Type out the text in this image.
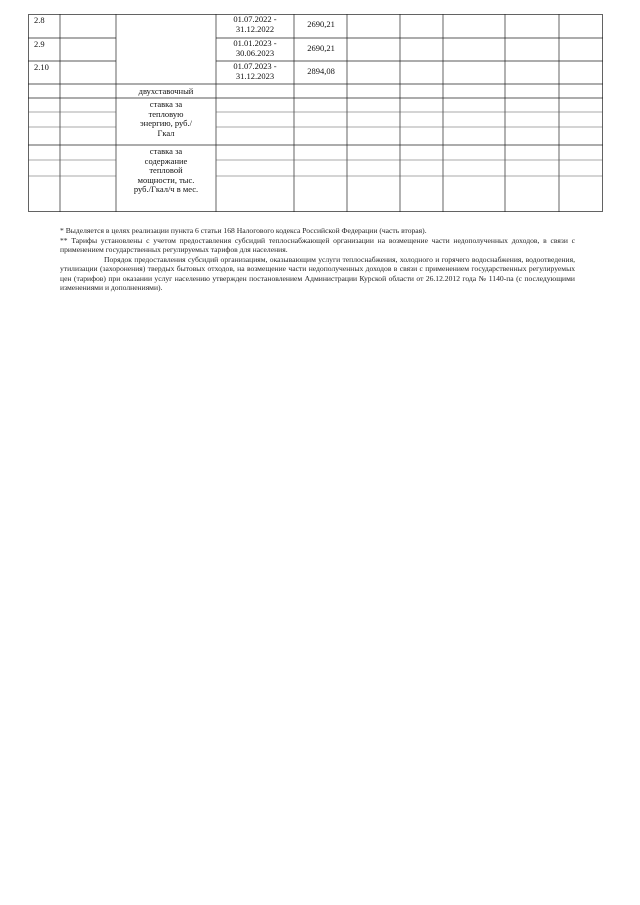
2.8	01.07.2022 - 31.12.2022	2690,21
2.9	01.01.2023 - 30.06.2023	2690,21
2.10	01.07.2023 - 31.12.2023	2894,08
двухставочный
ставка за тепловую энергию, руб./Гкал
ставка за содержание тепловой мощности, тыс. руб./Гкал/ч в мес.

* Выделяется в целях реализации пункта 6 статьи 168 Налогового кодекса Российской Федерации (часть вторая).

** Тарифы установлены с учетом предоставления субсидий теплоснабжающей организации на возмещение части недополученных доходов, в связи с применением государственных регулируемых тарифов для населения.

Порядок предоставления субсидий организациям, оказывающим услуги теплоснабжения, холодного и горячего водоснабжения, водоотведения, утилизации (захоронения) твердых бытовых отходов, на возмещение части недополученных доходов в связи с применением государственных регулируемых цен (тарифов) при оказании услуг населению утвержден постановлением Администрации Курской области от 26.12.2012 года № 1140-па (с последующими изменениями и дополнениями).
